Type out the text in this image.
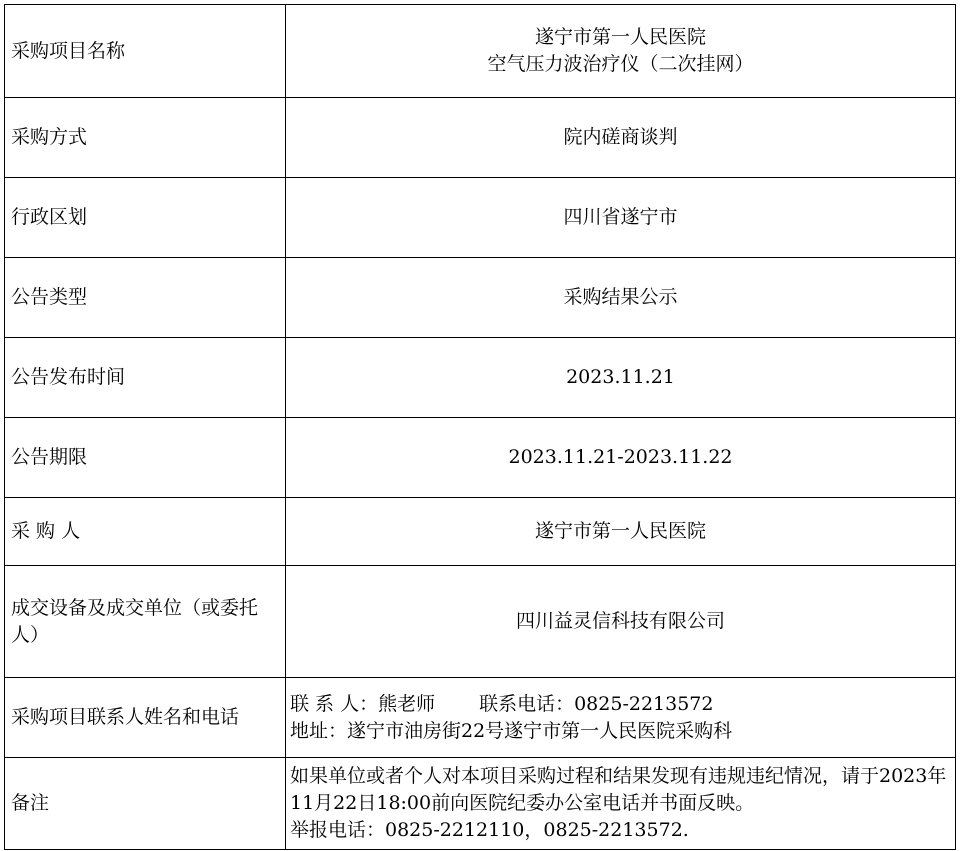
采购项目名称	遂宁市第一人民医院
空气压力波治疗仪（二次挂网）

采购方式	院内磋商谈判
行政区划	四川省遂宁市
公告类型	采购结果公示
公告发布时间	2023.11.21
公告期限	2023.11.21-2023.11.22
采 购 人	遂宁市第一人民医院
成交设备及成交单位（或委托人）	四川益灵信科技有限公司
采购项目联系人姓名和电话	联 系 人：熊老师 联系电话：0825-2213572
地址：遂宁市油房街22号遂宁市第一人民医院采购科

备注	如果单位或者个人对本项目采购过程和结果发现有违规违纪情况，请于2023年11月22日18:00前向医院纪委办公室电话并书面反映。
举报电话：0825-2212110，0825-2213572.
